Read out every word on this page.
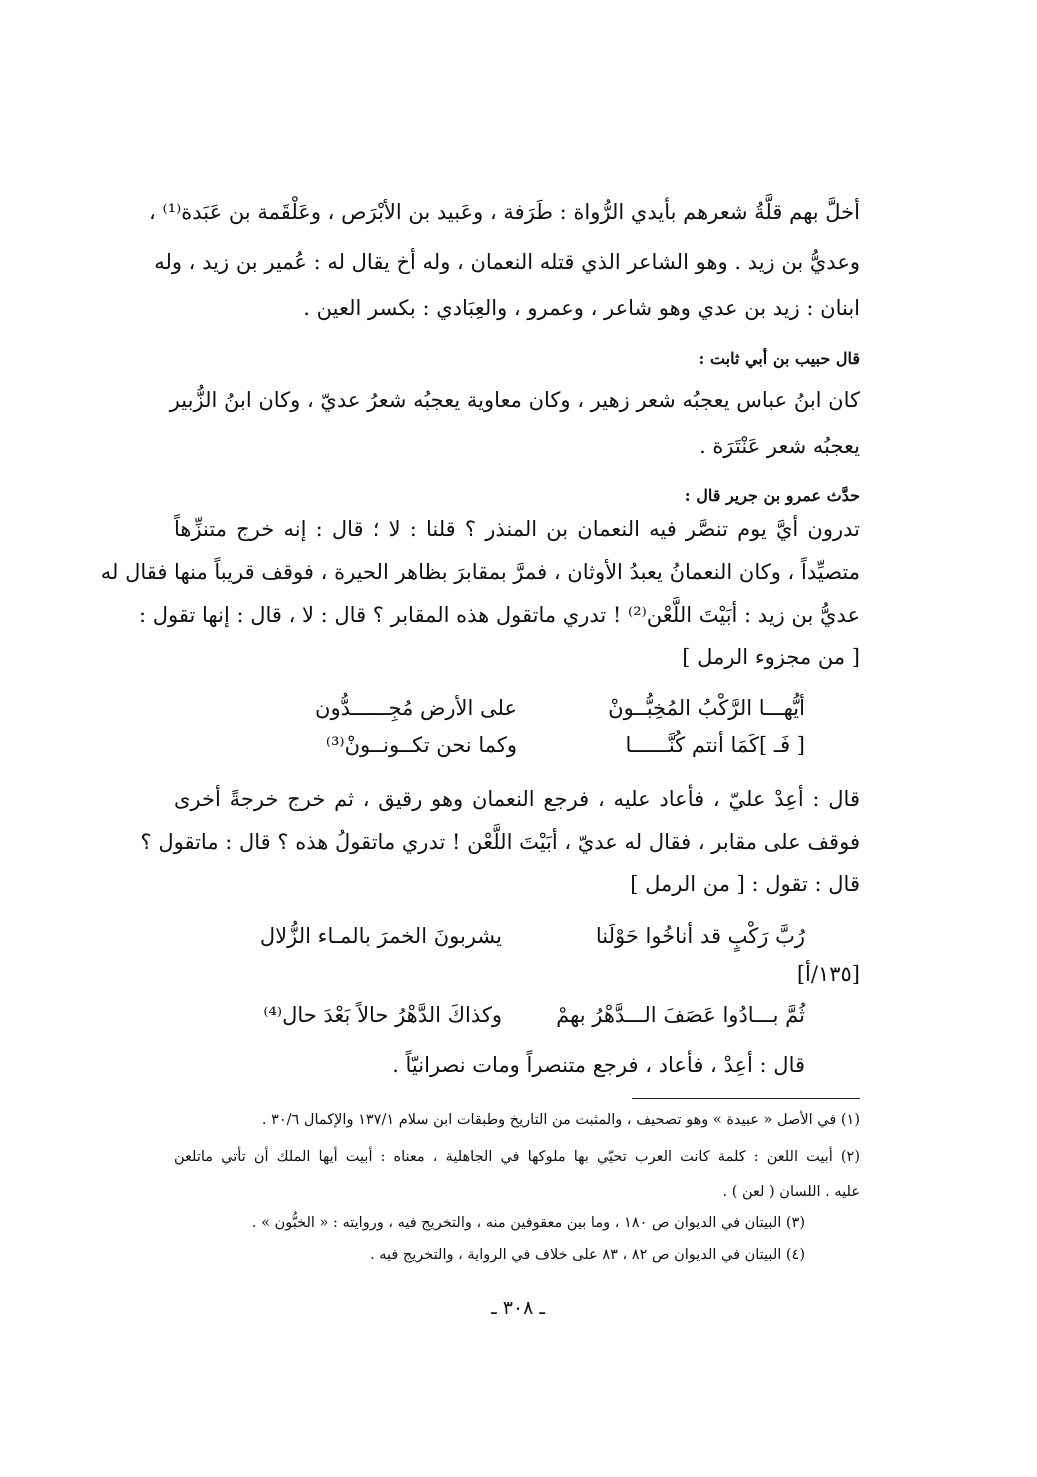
أخلَّ بهم قلَّةُ شعرهم بأيدي الرُّواة : طَرَفة ، وعَبيد بن الأبْرَص ، وعَلْقَمة بن عَبَدة⁽¹⁾ ،
وعديُّ بن زيد . وهو الشاعر الذي قتله النعمان ، وله أخ يقال له : عُمير بن زيد ، وله
ابنان : زيد بن عدي وهو شاعر ، وعمرو ، والعِبَادي : بكسر العين .
قال حبيب بن أبي ثابت :
كان ابنُ عباس يعجبُه شعر زهير ، وكان معاوية يعجبُه شعرُ عديّ ، وكان ابنُ الزُّبير
يعجبُه شعر عَنْتَرَة .
حدَّث عمرو بن جرير قال :
تدرون أيَّ يوم تنصَّر فيه النعمان بن المنذر ؟ قلنا : لا ؛ قال : إنه خرج متنزِّهاً
متصيِّداً ، وكان النعمانُ يعبدُ الأوثان ، فمرَّ بمقابرَ بظاهر الحيرة ، فوقف قريباً منها فقال له
عديُّ بن زيد : أبَيْتَ اللَّعْن⁽²⁾ ! تدري ماتقول هذه المقابر ؟ قال : لا ، قال : إنها تقول :
[ من مجزوء الرمل ]
أيُّهـــا الرَّكْبُ المُخِبُّــونْ
على الأرض مُجِــــــدُّون
[ فَـ ]كَمَا أنتم كُنَّــــــا
وكما نحن تكــونــونْ⁽³⁾
قال : أعِدْ عليّ ، فأعاد عليه ، فرجع النعمان وهو رقيق ، ثم خرج خرجةً أخرى
فوقف على مقابر ، فقال له عديّ ، أبَيْتَ اللَّعْن ! تدري ماتقولُ هذه ؟ قال : ماتقول ؟
قال : تقول : [ من الرمل ]
رُبَّ رَكْبٍ قد أناخُوا حَوْلَنا
يشربونَ الخمرَ بالمـاء الزُّلال
[١٣٥/أ]
ثُمَّ بـــادُوا عَصَفَ الـــدَّهْرُ بهمْ
وكذاكَ الدَّهْرُ حالاً بَعْدَ حال⁽⁴⁾
قال : أعِدْ ، فأعاد ، فرجع متنصراً ومات نصرانيّاً .
(١) في الأصل « عبيدة » وهو تصحيف ، والمثبت من التاريخ وطبقات ابن سلام ١٣٧/١ والإكمال ٣٠/٦ .
(٢) أبيت اللعن : كلمة كانت العرب تحيّي بها ملوكها في الجاهلية ، معناه : أبيت أيها الملك أن تأتي ماتلعن
عليه . اللسان ( لعن ) .
(٣) البيتان في الديوان ص ١٨٠ ، وما بين معقوفين منه ، والتخريج فيه ، وروايته : « الخبُّون » .
(٤) البيتان في الديوان ص ٨٢ ، ٨٣ على خلاف في الرواية ، والتخريج فيه .
ـ ٣٠٨ ـ
